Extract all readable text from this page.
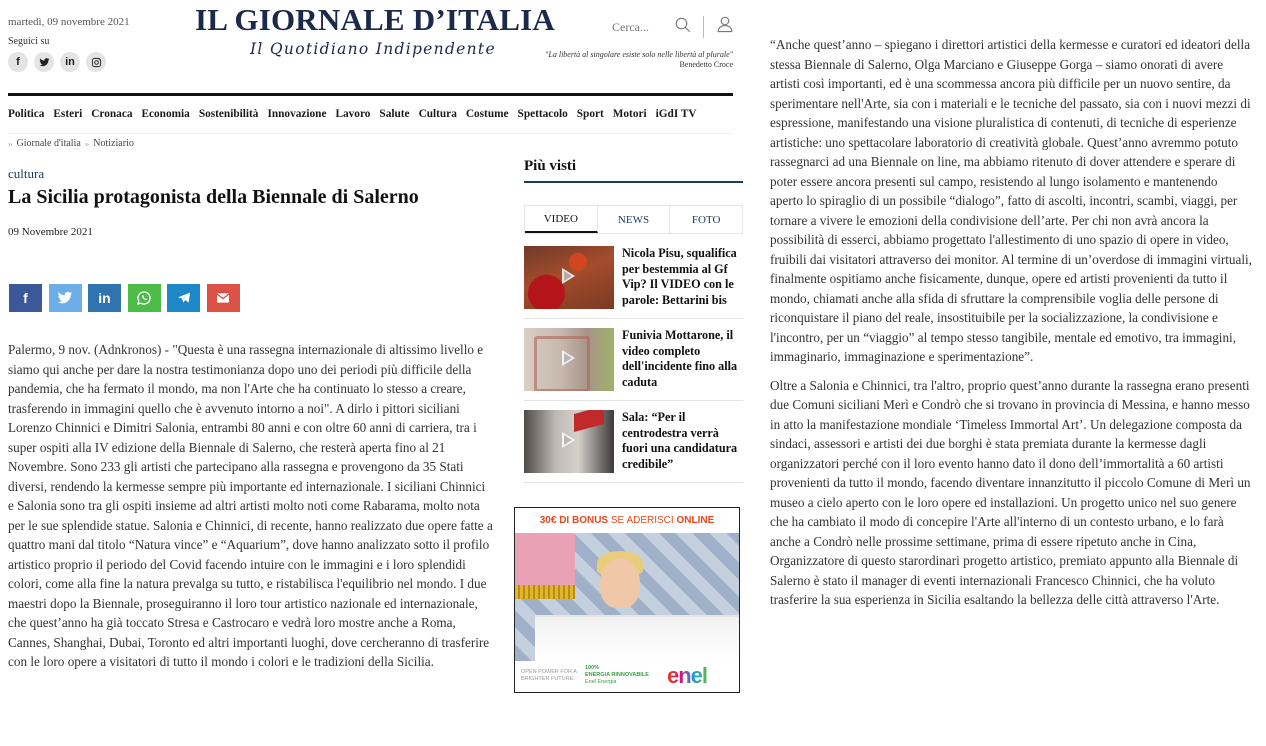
martedì, 09 novembre 2021
Seguici su
f	in
IL GIORNALE D’ITALIA
Il Quotidiano Indipendente
Cerca...
"La libertà al singolare esiste solo nelle libertà al plurale"
Benedetto Croce
Politica Esteri Cronaca Economia Sostenibilità Innovazione Lavoro Salute Cultura Costume Spettacolo Sport Motori iGdI TV
» Giornale d'italia » Notiziario
cultura
La Sicilia protagonista della Biennale di Salerno
09 Novembre 2021
f	in

Palermo, 9 nov. (Adnkronos) - "Questa è una rassegna internazionale di altissimo livello e siamo qui anche per dare la nostra testimonianza dopo uno dei periodi più difficile della pandemia, che ha fermato il mondo, ma non l'Arte che ha continuato lo stesso a creare, trasferendo in immagini quello che è avvenuto intorno a noi". A dirlo i pittori siciliani Lorenzo Chinnici e Dimitri Salonia, entrambi 80 anni e con oltre 60 anni di carriera, tra i super ospiti alla IV edizione della Biennale di Salerno, che resterà aperta fino al 21 Novembre. Sono 233 gli artisti che partecipano alla rassegna e provengono da 35 Stati diversi, rendendo la kermesse sempre più importante ed internazionale. I siciliani Chinnici e Salonia sono tra gli ospiti insieme ad altri artisti molto noti come Rabarama, molto nota per le sue splendide statue. Salonia e Chinnici, di recente, hanno realizzato due opere fatte a quattro mani dal titolo “Natura vince” e “Aquarium”, dove hanno analizzato sotto il profilo artistico proprio il periodo del Covid facendo intuire con le immagini e i loro splendidi colori, come alla fine la natura prevalga su tutto, e ristabilisca l'equilibrio nel mondo. I due maestri dopo la Biennale, proseguiranno il loro tour artistico nazionale ed internazionale, che quest’anno ha già toccato Stresa e Castrocaro e vedrà loro mostre anche a Roma, Cannes, Shanghai, Dubai, Toronto ed altri importanti luoghi, dove cercheranno di trasferire con le loro opere a visitatori di tutto il mondo i colori e le tradizioni della Sicilia.

Più visti
VIDEO	NEWS	FOTO
Nicola Pisu, squalifica per bestemmia al Gf Vip? Il VIDEO con le parole: Bettarini bis
Funivia Mottarone, il video completo dell'incidente fino alla caduta
Sala: “Per il centrodestra verrà fuori una candidatura credibile”
30€ DI BONUS SE ADERISCI ONLINE
OPEN POWER FOR A BRIGHTER FUTURE.
100%
ENERGIA RINNOVABILE
Enel Energia	enel

“Anche quest’anno – spiegano i direttori artistici della kermesse e curatori ed ideatori della stessa Biennale di Salerno, Olga Marciano e Giuseppe Gorga – siamo onorati di avere artisti così importanti, ed è una scommessa ancora più difficile per un nuovo sentire, da sperimentare nell'Arte, sia con i materiali e le tecniche del passato, sia con i nuovi mezzi di espressione, manifestando una visione pluralistica di contenuti, di tecniche di esperienze artistiche: uno spettacolare laboratorio di creatività globale. Quest’anno avremmo potuto rassegnarci ad una Biennale on line, ma abbiamo ritenuto di dover attendere e sperare di poter essere ancora presenti sul campo, resistendo al lungo isolamento e mantenendo aperto lo spiraglio di un possibile “dialogo”, fatto di ascolti, incontri, scambi, viaggi, per tornare a vivere le emozioni della condivisione dell’arte. Per chi non avrà ancora la possibilità di esserci, abbiamo progettato l'allestimento di uno spazio di opere in video, fruibili dai visitatori attraverso dei monitor. Al termine di un’overdose di immagini virtuali, finalmente ospitiamo anche fisicamente, dunque, opere ed artisti provenienti da tutto il mondo, chiamati anche alla sfida di sfruttare la comprensibile voglia delle persone di riconquistare il piano del reale, insostituibile per la socializzazione, la condivisione e l'incontro, per un “viaggio” al tempo stesso tangibile, mentale ed emotivo, tra immagini, immaginario, immaginazione e sperimentazione”.

Oltre a Salonia e Chinnici, tra l'altro, proprio quest’anno durante la rassegna erano presenti due Comuni siciliani Merì e Condrò che si trovano in provincia di Messina, e hanno messo in atto la manifestazione mondiale ‘Timeless Immortal Art’. Un delegazione composta da sindaci, assessori e artisti dei due borghi è stata premiata durante la kermesse dagli organizzatori perché con il loro evento hanno dato il dono dell’immortalità a 60 artisti provenienti da tutto il mondo, facendo diventare innanzitutto il piccolo Comune di Merì un museo a cielo aperto con le loro opere ed installazioni. Un progetto unico nel suo genere che ha cambiato il modo di concepire l'Arte all'interno di un contesto urbano, e lo farà anche a Condrò nelle prossime settimane, prima di essere ripetuto anche in Cina, Organizzatore di questo starordinari progetto artistico, premiato appunto alla Biennale di Salerno è stato il manager di eventi internazionali Francesco Chinnici, che ha voluto trasferire la sua esperienza in Sicilia esaltando la bellezza delle città attraverso l'Arte.
